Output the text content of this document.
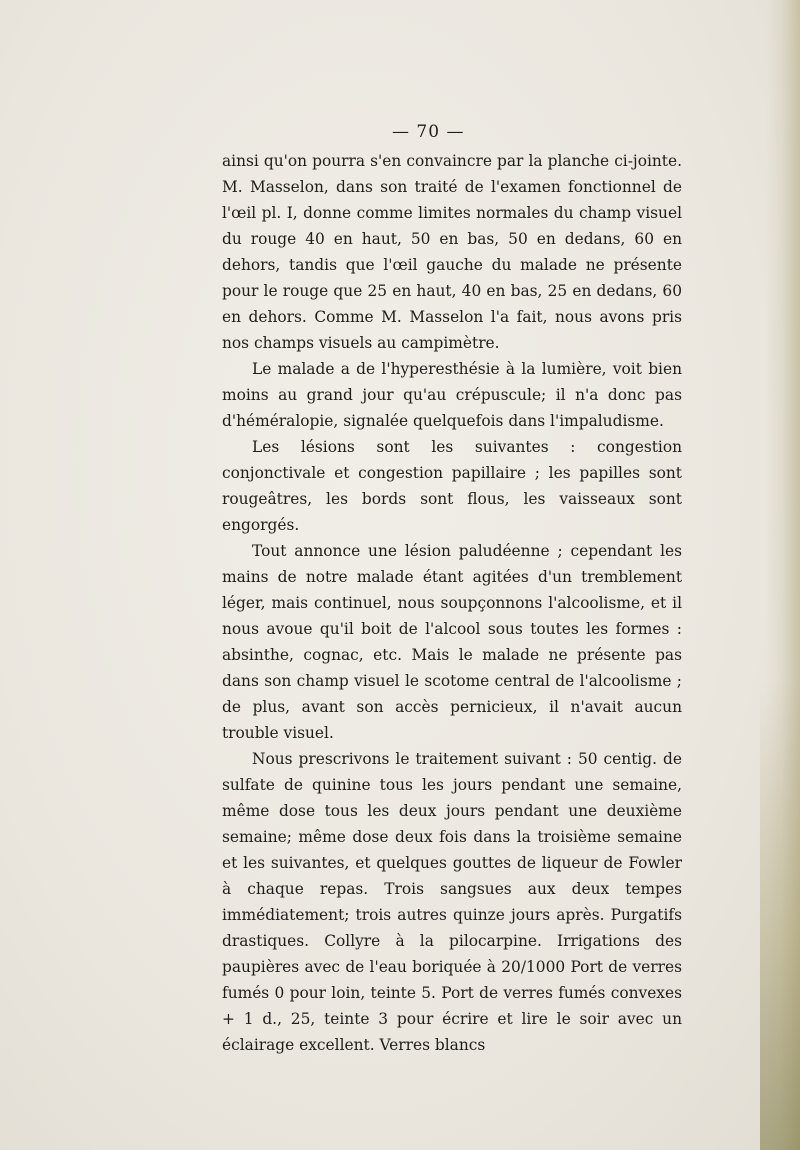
— 70 —

ainsi qu'on pourra s'en convaincre par la planche ci-jointe. M. Masselon, dans son traité de l'examen fonctionnel de l'œil pl. I, donne comme limites normales du champ visuel du rouge 40 en haut, 50 en bas, 50 en dedans, 60 en dehors, tandis que l'œil gauche du malade ne présente pour le rouge que 25 en haut, 40 en bas, 25 en dedans, 60 en dehors. Comme M. Masselon l'a fait, nous avons pris nos champs visuels au campimètre.

Le malade a de l'hyperesthésie à la lumière, voit bien moins au grand jour qu'au crépuscule; il n'a donc pas d'héméralopie, signalée quelquefois dans l'impaludisme.

Les lésions sont les suivantes : congestion conjonctivale et congestion papillaire ; les papilles sont rougeâtres, les bords sont flous, les vaisseaux sont engorgés.

Tout annonce une lésion paludéenne ; cependant les mains de notre malade étant agitées d'un tremblement léger, mais continuel, nous soupçonnons l'alcoolisme, et il nous avoue qu'il boit de l'alcool sous toutes les formes : absinthe, cognac, etc. Mais le malade ne présente pas dans son champ visuel le scotome central de l'alcoolisme ; de plus, avant son accès pernicieux, il n'avait aucun trouble visuel.

Nous prescrivons le traitement suivant : 50 centig. de sulfate de quinine tous les jours pendant une semaine, même dose tous les deux jours pendant une deuxième semaine; même dose deux fois dans la troisième semaine et les suivantes, et quelques gouttes de liqueur de Fowler à chaque repas. Trois sangsues aux deux tempes immédiatement; trois autres quinze jours après. Purgatifs drastiques. Collyre à la pilocarpine. Irrigations des paupières avec de l'eau boriquée à 20/1000 Port de verres fumés 0 pour loin, teinte 5. Port de verres fumés convexes + 1 d., 25, teinte 3 pour écrire et lire le soir avec un éclairage excellent. Verres blancs
